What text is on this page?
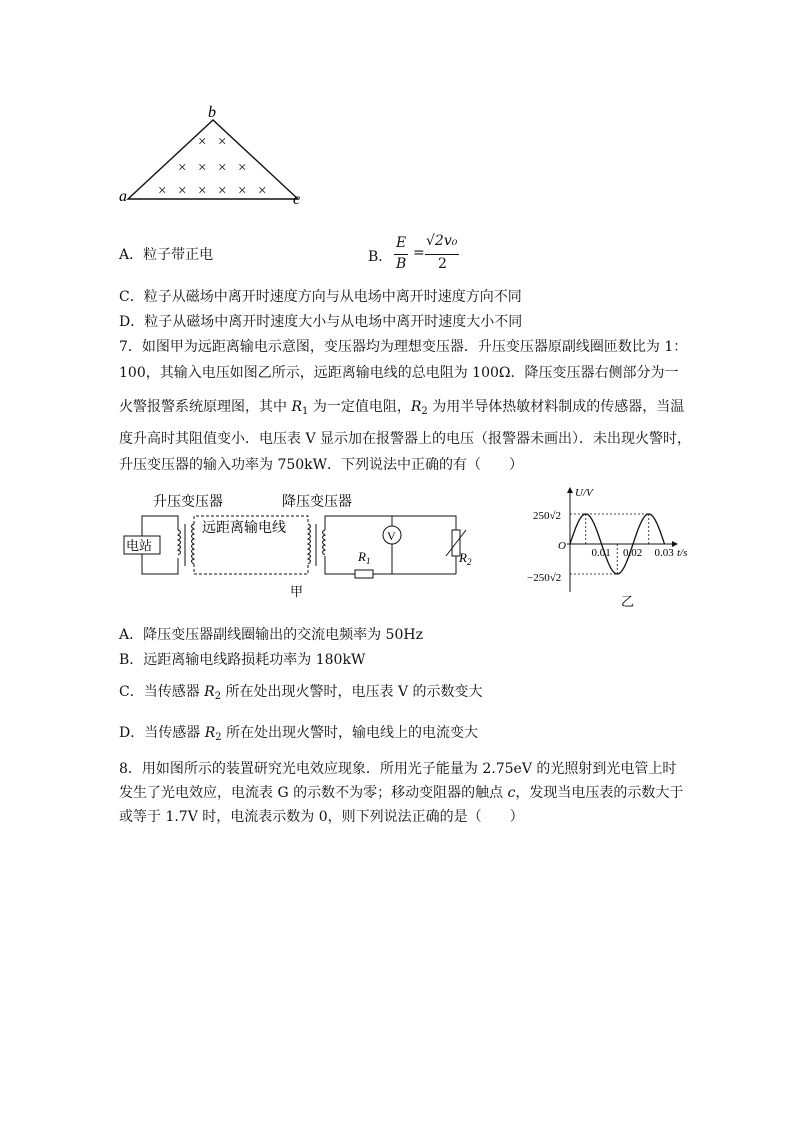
b
a	c
× ×
× × × ×
× × × × × ×
A．粒子带正电	B．
E
B
=
√2v₀
2
C．粒子从磁场中离开时速度方向与从电场中离开时速度方向不同
D．粒子从磁场中离开时速度大小与从电场中离开时速度大小不同
7．如图甲为远距离输电示意图，变压器均为理想变压器．升压变压器原副线圈匝数比为 1：
100，其输入电压如图乙所示，远距离输电线的总电阻为 100Ω．降压变压器右侧部分为一
火警报警系统原理图，其中 $R_1$ 为一定值电阻，$R_2$ 为用半导体热敏材料制成的传感器，当温
度升高时其阻值变小．电压表 V 显示加在报警器上的电压（报警器未画出）．未出现火警时，
升压变压器的输入功率为 750kW．下列说法中正确的有（　　）
升压变压器	降压变压器
电站
远距离输电线
$R_1$
V
$R_2$
甲
U/V
t/s
O
250√2
−250√2
0.01 0.02 0.03
乙
A．降压变压器副线圈输出的交流电频率为 50Hz
B．远距离输电线路损耗功率为 180kW
C．当传感器 $R_2$ 所在处出现火警时，电压表 V 的示数变大
D．当传感器 $R_2$ 所在处出现火警时，输电线上的电流变大
8．用如图所示的装置研究光电效应现象．所用光子能量为 2.75eV 的光照射到光电管上时
发生了光电效应，电流表 G 的示数不为零；移动变阻器的触点 c，发现当电压表的示数大于
或等于 1.7V 时，电流表示数为 0，则下列说法正确的是（　　）
